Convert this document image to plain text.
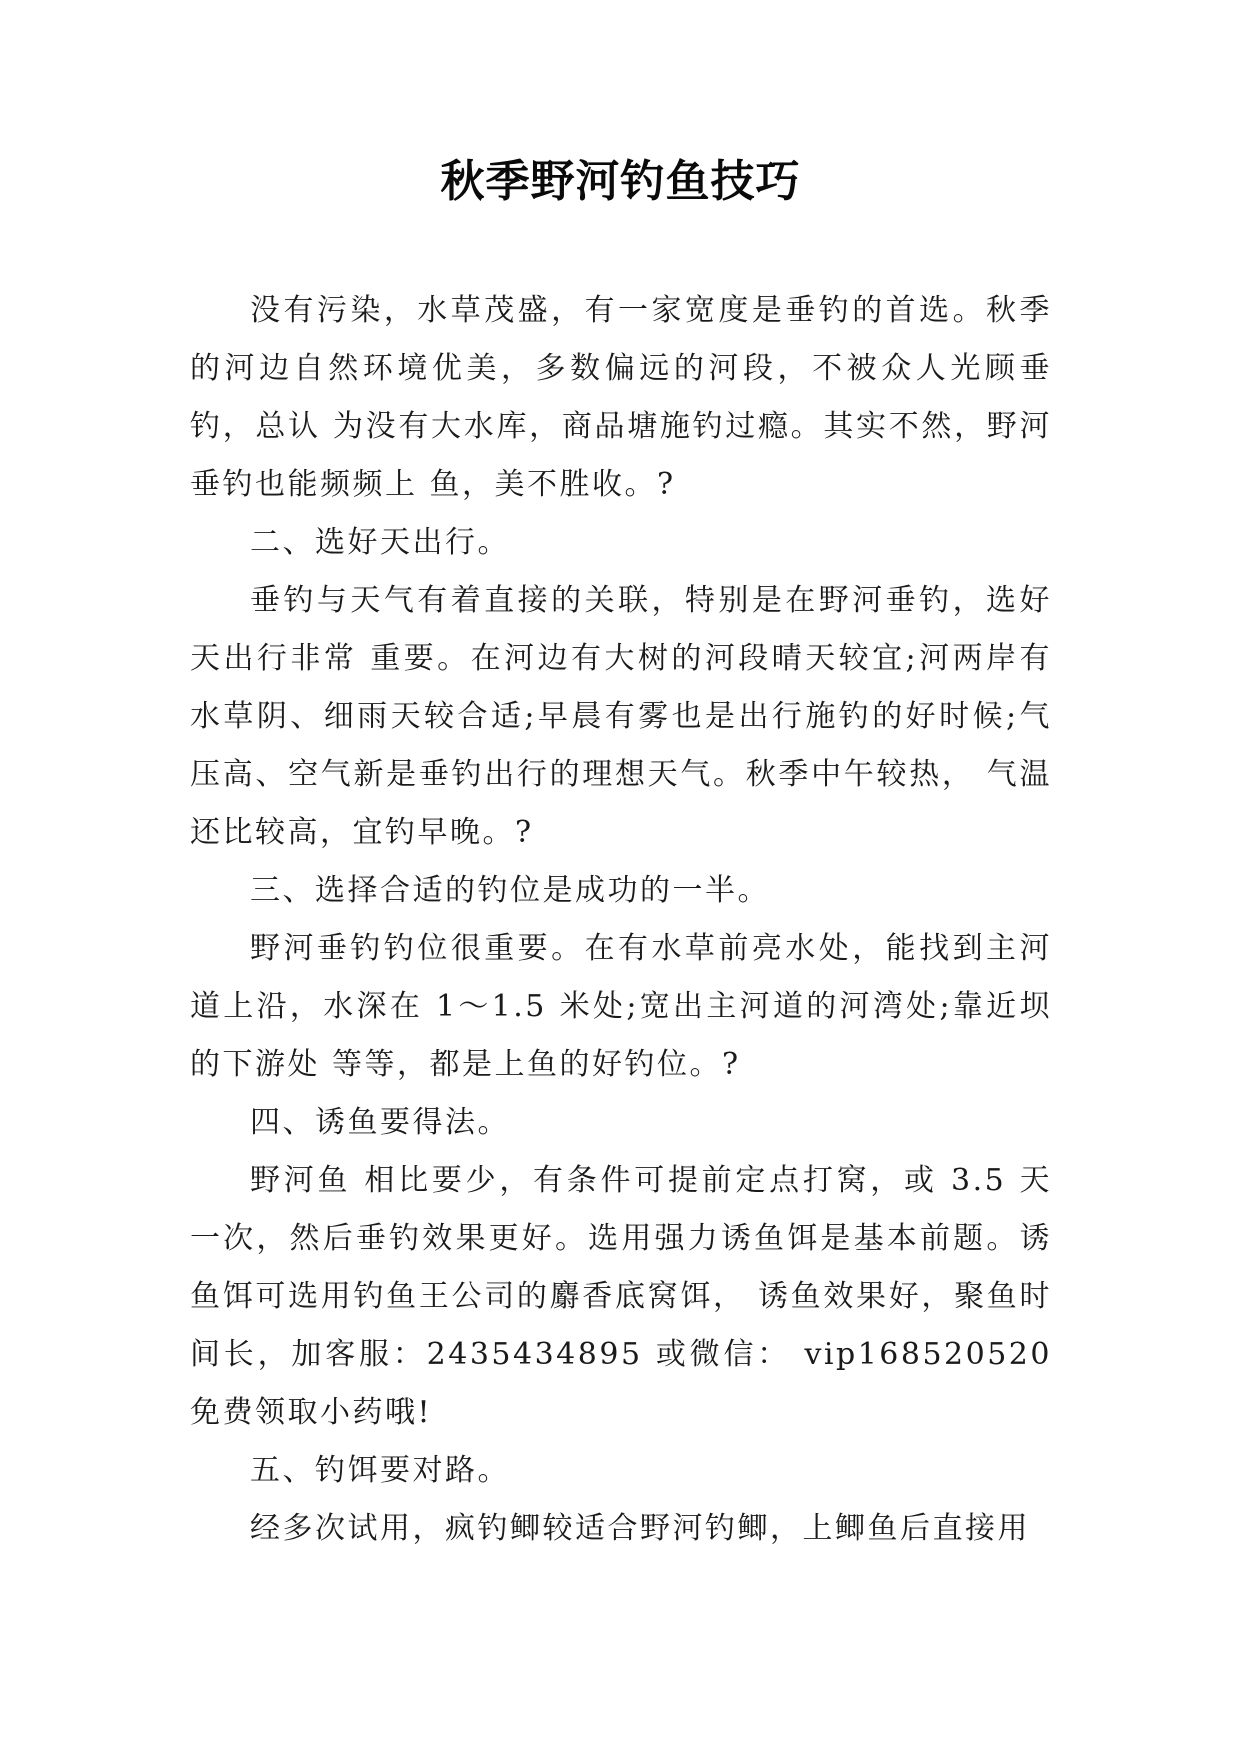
秋季野河钓鱼技巧

没有污染，水草茂盛，有一家宽度是垂钓的首选。秋季的河边自然环境优美，多数偏远的河段，不被众人光顾垂钓，总认 为没有大水库，商品塘施钓过瘾。其实不然，野河垂钓也能频频上 鱼，美不胜收。?

二、选好天出行。

垂钓与天气有着直接的关联，特别是在野河垂钓，选好天出行非常 重要。在河边有大树的河段晴天较宜;河两岸有水草阴、细雨天较合适;早晨有雾也是出行施钓的好时候;气压高、空气新是垂钓出行的理想天气。秋季中午较热， 气温还比较高，宜钓早晚。?

三、选择合适的钓位是成功的一半。

野河垂钓钓位很重要。在有水草前亮水处，能找到主河道上沿，水深在 1～1.5 米处;宽出主河道的河湾处;靠近坝的下游处 等等，都是上鱼的好钓位。?

四、诱鱼要得法。

野河鱼 相比要少，有条件可提前定点打窝，或 3.5 天一次，然后垂钓效果更好。选用强力诱鱼饵是基本前题。诱鱼饵可选用钓鱼王公司的麝香底窝饵， 诱鱼效果好，聚鱼时间长，加客服：2435434895 或微信： vip168520520 免费领取小药哦!

五、钓饵要对路。

经多次试用，疯钓鲫较适合野河钓鲫，上鲫鱼后直接用
